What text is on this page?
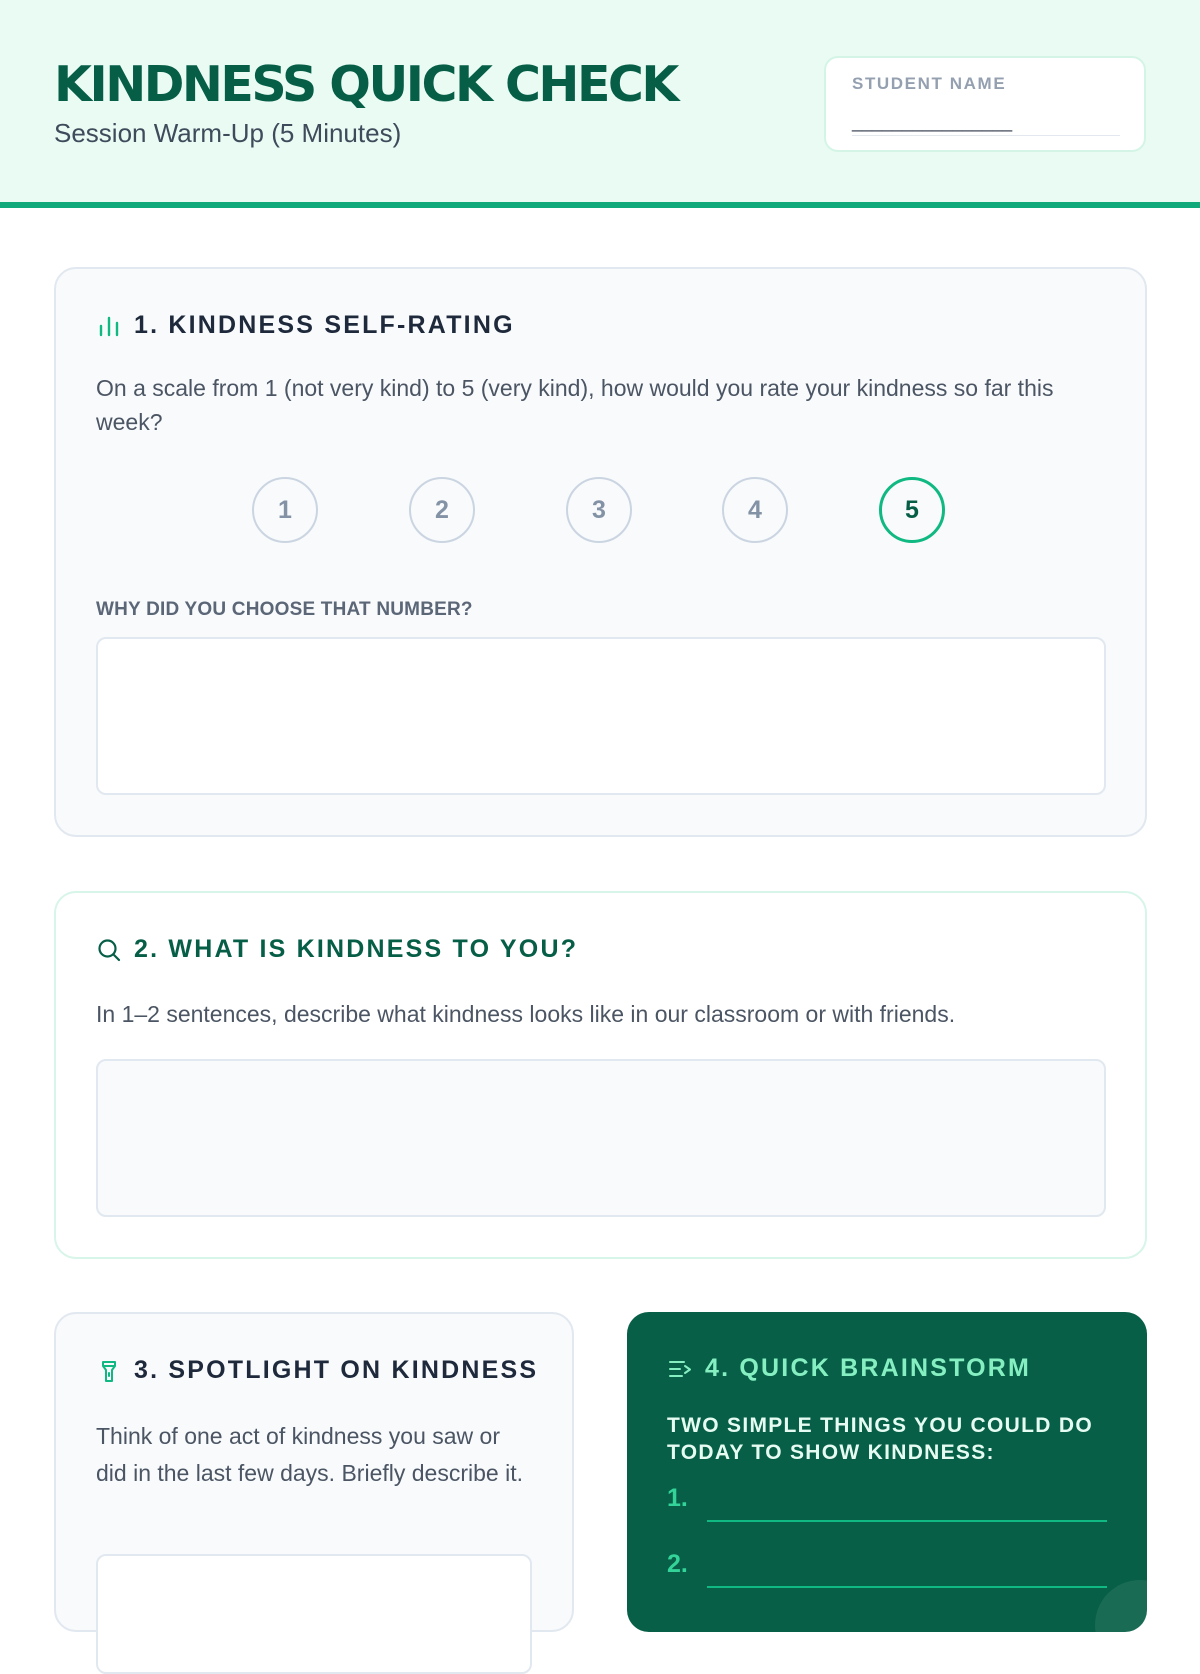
KINDNESS QUICK CHECK
Session Warm-Up (5 Minutes)
STUDENT NAME
________________
1. KINDNESS SELF-RATING
On a scale from 1 (not very kind) to 5 (very kind), how would you rate your kindness so far this week?
1	2	3	4	5
WHY DID YOU CHOOSE THAT NUMBER?
2. WHAT IS KINDNESS TO YOU?
In 1–2 sentences, describe what kindness looks like in our classroom or with friends.
3. SPOTLIGHT ON KINDNESS
Think of one act of kindness you saw or did in the last few days. Briefly describe it.
4. QUICK BRAINSTORM
TWO SIMPLE THINGS YOU COULD DO TODAY TO SHOW KINDNESS:
1.
2.
